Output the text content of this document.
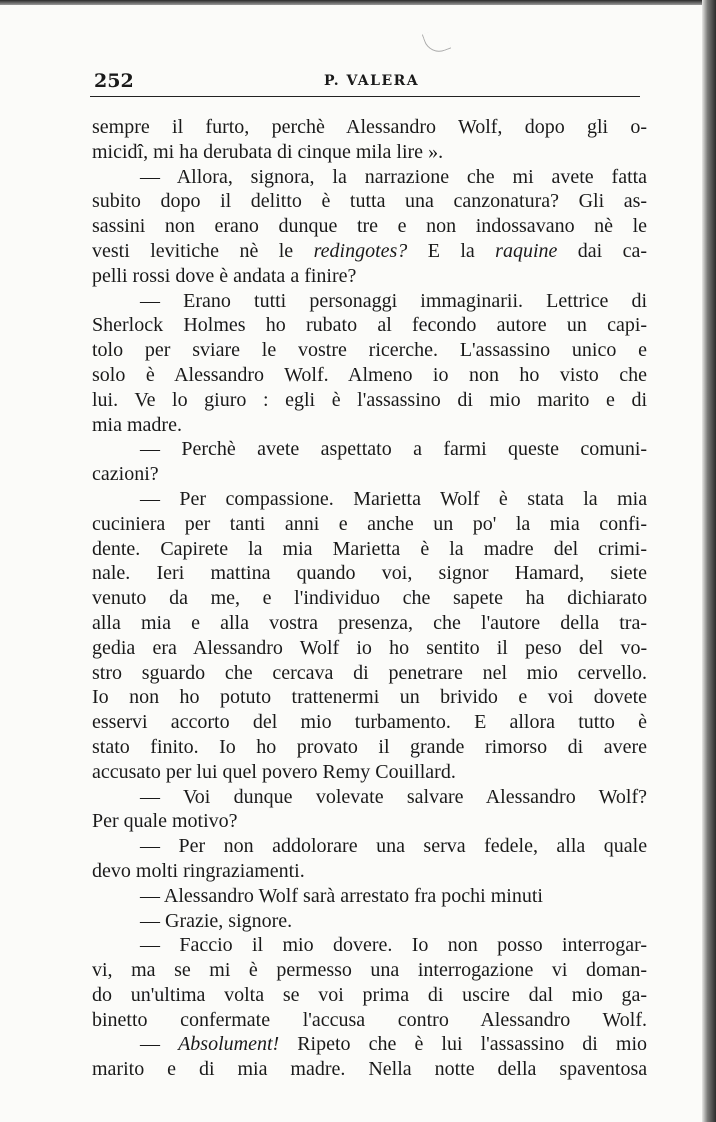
252	P. VALERA
sempre il furto, perchè Alessandro Wolf, dopo gli o-
micidî, mi ha derubata di cinque mila lire ».
— Allora, signora, la narrazione che mi avete fatta
subito dopo il delitto è tutta una canzonatura? Gli as-
sassini non erano dunque tre e non indossavano nè le
vesti levitiche nè le redingotes? E la raquine dai ca-
pelli rossi dove è andata a finire?
— Erano tutti personaggi immaginarii. Lettrice di
Sherlock Holmes ho rubato al fecondo autore un capi-
tolo per sviare le vostre ricerche. L'assassino unico e
solo è Alessandro Wolf. Almeno io non ho visto che
lui. Ve lo giuro : egli è l'assassino di mio marito e di
mia madre.
— Perchè avete aspettato a farmi queste comuni-
cazioni?
— Per compassione. Marietta Wolf è stata la mia
cuciniera per tanti anni e anche un po' la mia confi-
dente. Capirete la mia Marietta è la madre del crimi-
nale. Ieri mattina quando voi, signor Hamard, siete
venuto da me, e l'individuo che sapete ha dichiarato
alla mia e alla vostra presenza, che l'autore della tra-
gedia era Alessandro Wolf io ho sentito il peso del vo-
stro sguardo che cercava di penetrare nel mio cervello.
Io non ho potuto trattenermi un brivido e voi dovete
esservi accorto del mio turbamento. E allora tutto è
stato finito. Io ho provato il grande rimorso di avere
accusato per lui quel povero Remy Couillard.
— Voi dunque volevate salvare Alessandro Wolf?
Per quale motivo?
— Per non addolorare una serva fedele, alla quale
devo molti ringraziamenti.
— Alessandro Wolf sarà arrestato fra pochi minuti
— Grazie, signore.
— Faccio il mio dovere. Io non posso interrogar-
vi, ma se mi è permesso una interrogazione vi doman-
do un'ultima volta se voi prima di uscire dal mio ga-
binetto confermate l'accusa contro Alessandro Wolf.
— Absolument! Ripeto che è lui l'assassino di mio
marito e di mia madre. Nella notte della spaventosa
